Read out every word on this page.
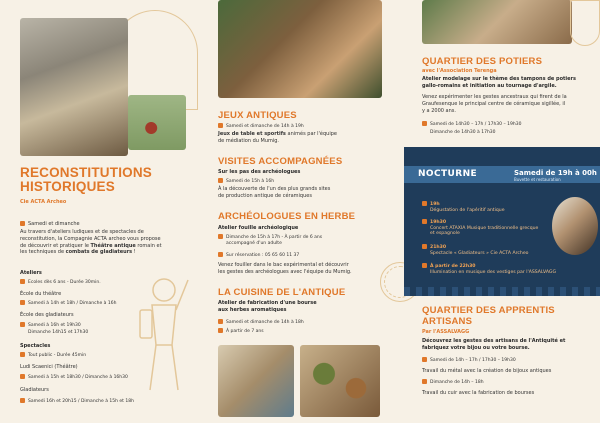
RECONSTITUTIONS
HISTORIQUES
Cie ACTA Archeo
Samedi et dimanche
Au travers d'ateliers ludiques et de spectacles de
reconstitution, la Compagnie ACTA archeo vous propose
de découvrir et pratiquer le Théâtre antique romain et
les techniques de combats de gladiateurs !
Ateliers
Ecoles dès 6 ans - Durée 30min.
École du théâtre
Samedi à 14h et 18h / Dimanche à 16h
École des gladiateurs
Samedi à 16h et 19h30
Dimanche 14h15 et 17h30
Spectacles
Tout public - Durée 45min
Ludi Scaenici (Théâtre)
Samedi à 15h et 18h30 / Dimanche à 16h30
Gladiateurs
Samedi 16h et 20h15 / Dimanche à 15h et 18h
JEUX ANTIQUES
Samedi et dimanche de 14h à 19h
Jeux de table et sportifs animés par l'équipe
de médiation du Mumig.
VISITES ACCOMPAGNÉES
Sur les pas des archéologues
Samedi de 15h à 16h
À la découverte de l'un des plus grands sites
de production antique de céramiques
ARCHÉOLOGUES EN HERBE
Atelier fouille archéologique
Dimanche de 15h à 17h - À partir de 6 ans
accompagné d'un adulte
Sur réservation : 05 65 60 11 37
Venez fouiller dans le bac expérimental et découvrir
les gestes des archéologues avec l'équipe du Mumig.
LA CUISINE DE L'ANTIQUE
Atelier de fabrication d'une bourse
aux herbes aromatiques
Samedi et dimanche de 14h à 18h
À partir de 7 ans
QUARTIER DES POTIERS
avec l'Association Terenga
Atelier modelage sur le thème des tampons de potiers
gallo-romains et initiation au tournage d'argile.
Venez expérimenter les gestes ancestraux qui firent de la
Graufesenque le principal centre de céramique sigillée, il
y a 2000 ans.
Samedi de 14h30 – 17h / 17h30 – 19h30
Dimanche de 14h30 à 17h30
NOCTURNE	Samedi de 19h à 00h
Buvette et restauration
19h
Dégustation de l'apéritif antique
19h30
Concert ATAXIA Musique traditionnelle grecque
et espagnole
21h30
Spectacle « Gladiateurs » Cie ACTA Archeo
À partir de 22h30
Illumination en musique des vestiges par l'ASSALVAGG
QUARTIER DES APPRENTIS
ARTISANS
Par l'ASSALVAGG
Découvrez les gestes des artisans de l'Antiquité et
fabriquez votre bijou ou votre bourse.
Samedi de 14h – 17h / 17h30 – 19h30
Travail du métal avec la création de bijoux antiques
Dimanche de 14h – 18h
Travail du cuir avec la fabrication de bourses
